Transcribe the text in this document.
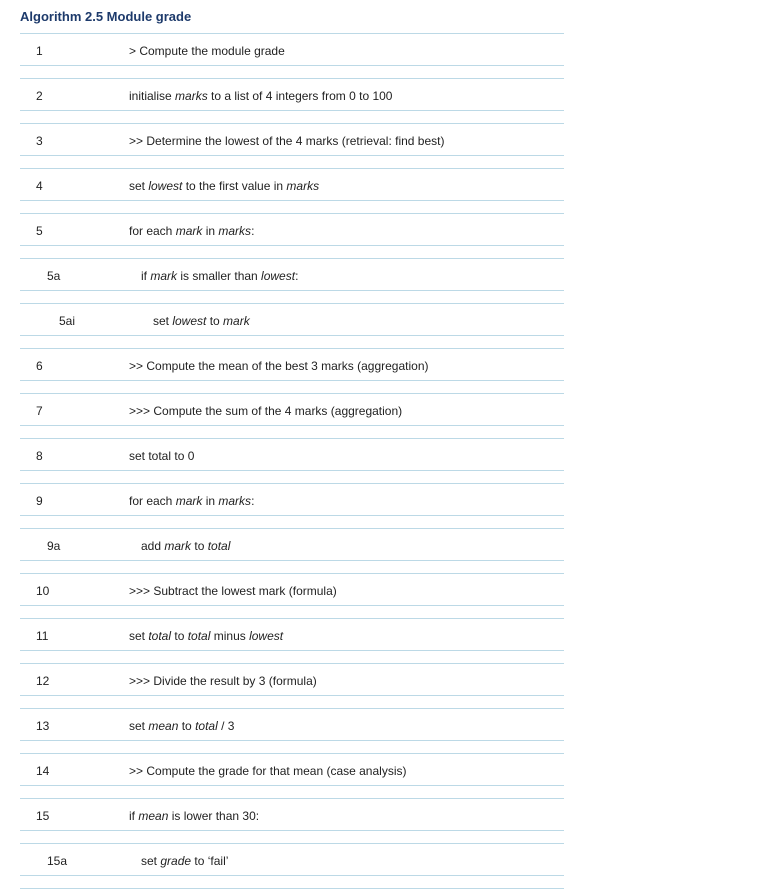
Algorithm 2.5 Module grade
1	> Compute the module grade
2	initialise marks to a list of 4 integers from 0 to 100
3	>> Determine the lowest of the 4 marks (retrieval: find best)
4	set lowest to the first value in marks
5	for each mark in marks:
5a	if mark is smaller than lowest:
5ai	set lowest to mark
6	>> Compute the mean of the best 3 marks (aggregation)
7	>>> Compute the sum of the 4 marks (aggregation)
8	set total to 0
9	for each mark in marks:
9a	add mark to total
10	>>> Subtract the lowest mark (formula)
11	set total to total minus lowest
12	>>> Divide the result by 3 (formula)
13	set mean to total / 3
14	>> Compute the grade for that mean (case analysis)
15	if mean is lower than 30:
15a	set grade to ‘fail’
